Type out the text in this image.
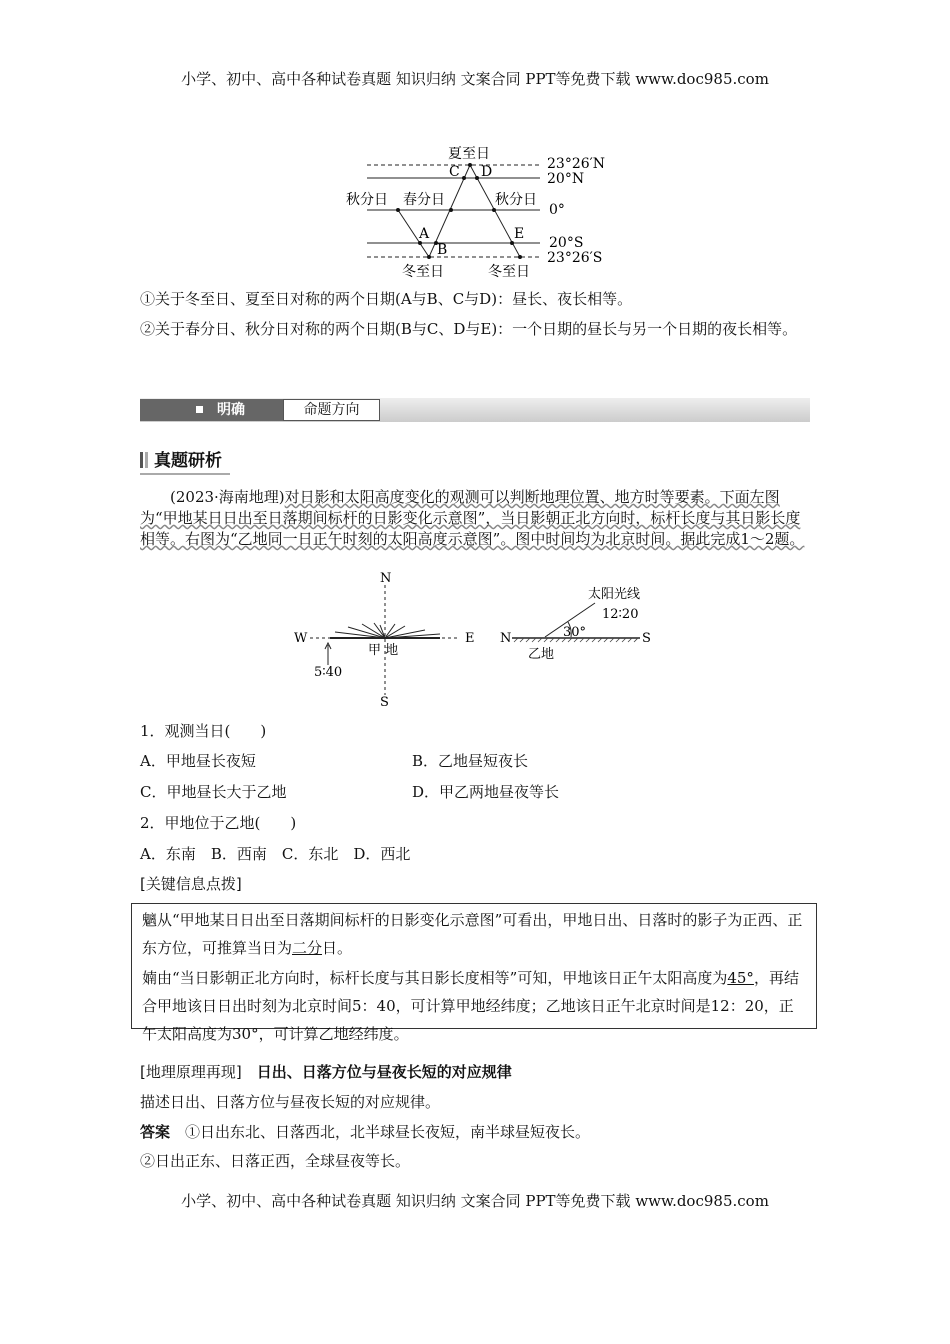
小学、初中、高中各种试卷真题 知识归纳 文案合同 PPT等免费下载 www.doc985.com
夏至日
C D
秋分日 春分日	秋分日
A
B
E
冬至日	冬至日
23°26′N
20°N
0°
20°S
23°26′S
①关于冬至日、夏至日对称的两个日期(A与B、C与D)：昼长、夜长相等。
②关于春分日、秋分日对称的两个日期(B与C、D与E)：一个日期的昼长与另一个日期的夜长相等。
明确	命题方向
真题研析
(2023·海南地理)对日影和太阳高度变化的观测可以判断地理位置、地方时等要素。下面左图为“甲地某日日出至日落期间标杆的日影变化示意图”，当日影朝正北方向时，标杆长度与其日影长度相等。右图为“乙地同一日正午时刻的太阳高度示意图”。图中时间均为北京时间。据此完成1～2题。
N
S
W	E
甲 地
5∶40
太阳光线
12∶20
30°
N	S
乙地
1．观测当日(　　)
A．甲地昼长夜短	B．乙地昼短夜长
C．甲地昼长大于乙地	D．甲乙两地昼夜等长
2．甲地位于乙地(　　)
A．东南　B．西南　C．东北　D．西北
[关键信息点拨]
魑从“甲地某日日出至日落期间标杆的日影变化示意图”可看出，甲地日出、日落时的影子为正西、正东方位，可推算当日为二分日。
婻由“当日影朝正北方向时，标杆长度与其日影长度相等”可知，甲地该日正午太阳高度为45°，再结合甲地该日日出时刻为北京时间5：40，可计算甲地经纬度；乙地该日正午北京时间是12：20，正午太阳高度为30°，可计算乙地经纬度。
[地理原理再现]　 日出、日落方位与昼夜长短的对应规律
描述日出、日落方位与昼夜长短的对应规律。
答案　 ①日出东北、日落西北，北半球昼长夜短，南半球昼短夜长。
②日出正东、日落正西，全球昼夜等长。
小学、初中、高中各种试卷真题 知识归纳 文案合同 PPT等免费下载 www.doc985.com
